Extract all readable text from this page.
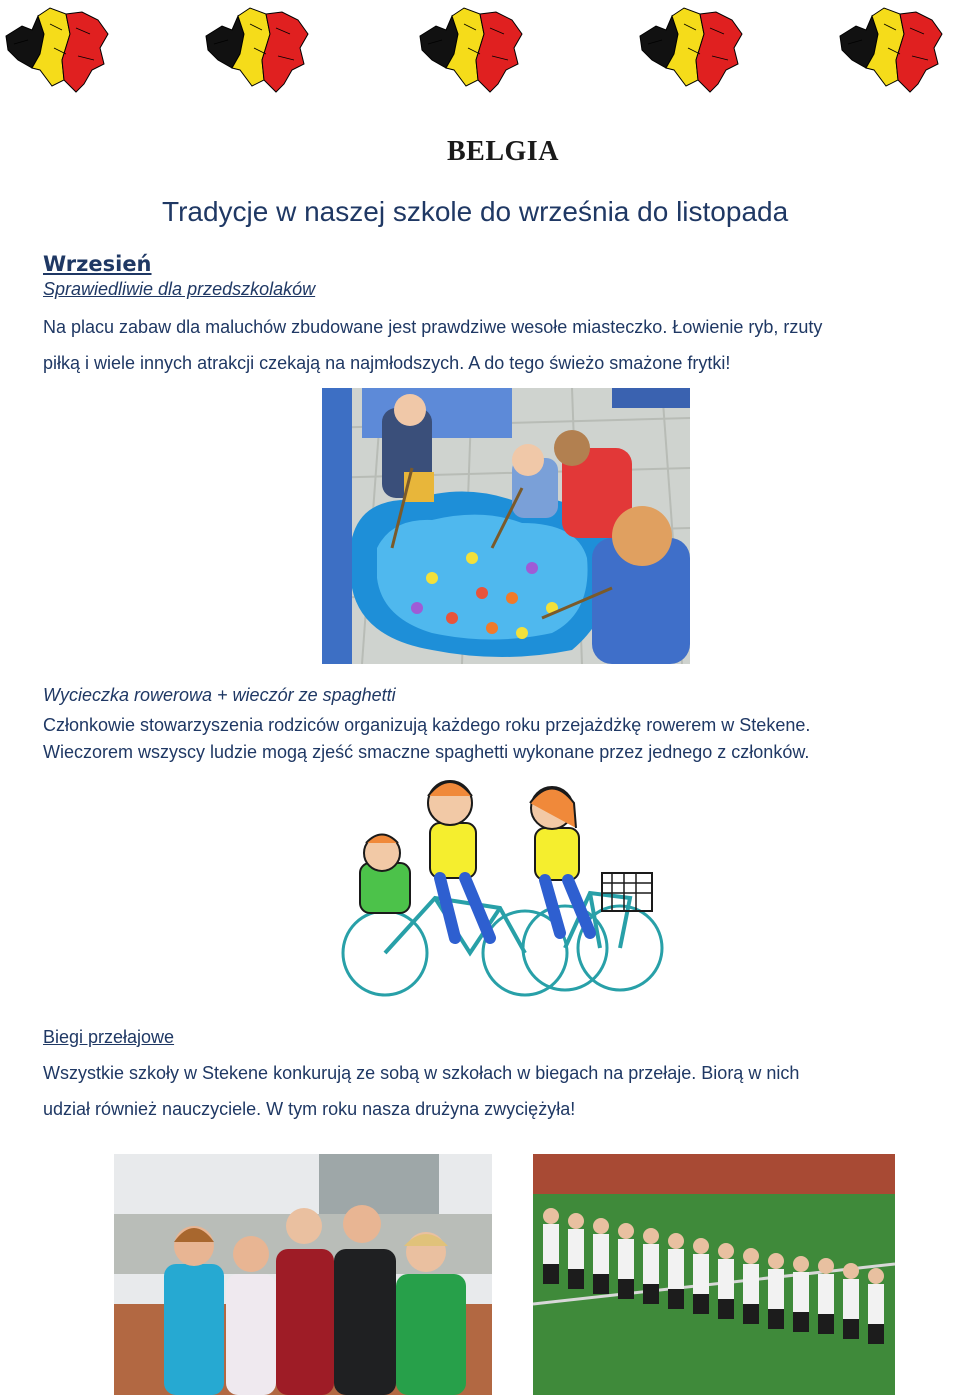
BELGIA
Tradycje w naszej szkole do września do listopada
Wrzesień
Sprawiedliwie dla przedszkolaków
Na placu zabaw dla maluchów zbudowane jest prawdziwe wesołe miasteczko. Łowienie ryb, rzuty
piłką i wiele innych atrakcji czekają na najmłodszych. A do tego świeżo smażone frytki!
Wycieczka rowerowa + wieczór ze spaghetti
Członkowie stowarzyszenia rodziców organizują każdego roku przejażdżkę rowerem w Stekene.
Wieczorem wszyscy ludzie mogą zjeść smaczne spaghetti wykonane przez jednego z członków.
Biegi przełajowe
Wszystkie szkoły w Stekene konkurują ze sobą w szkołach w biegach na przełaje. Biorą w nich
udział również nauczyciele. W tym roku nasza drużyna zwyciężyła!
